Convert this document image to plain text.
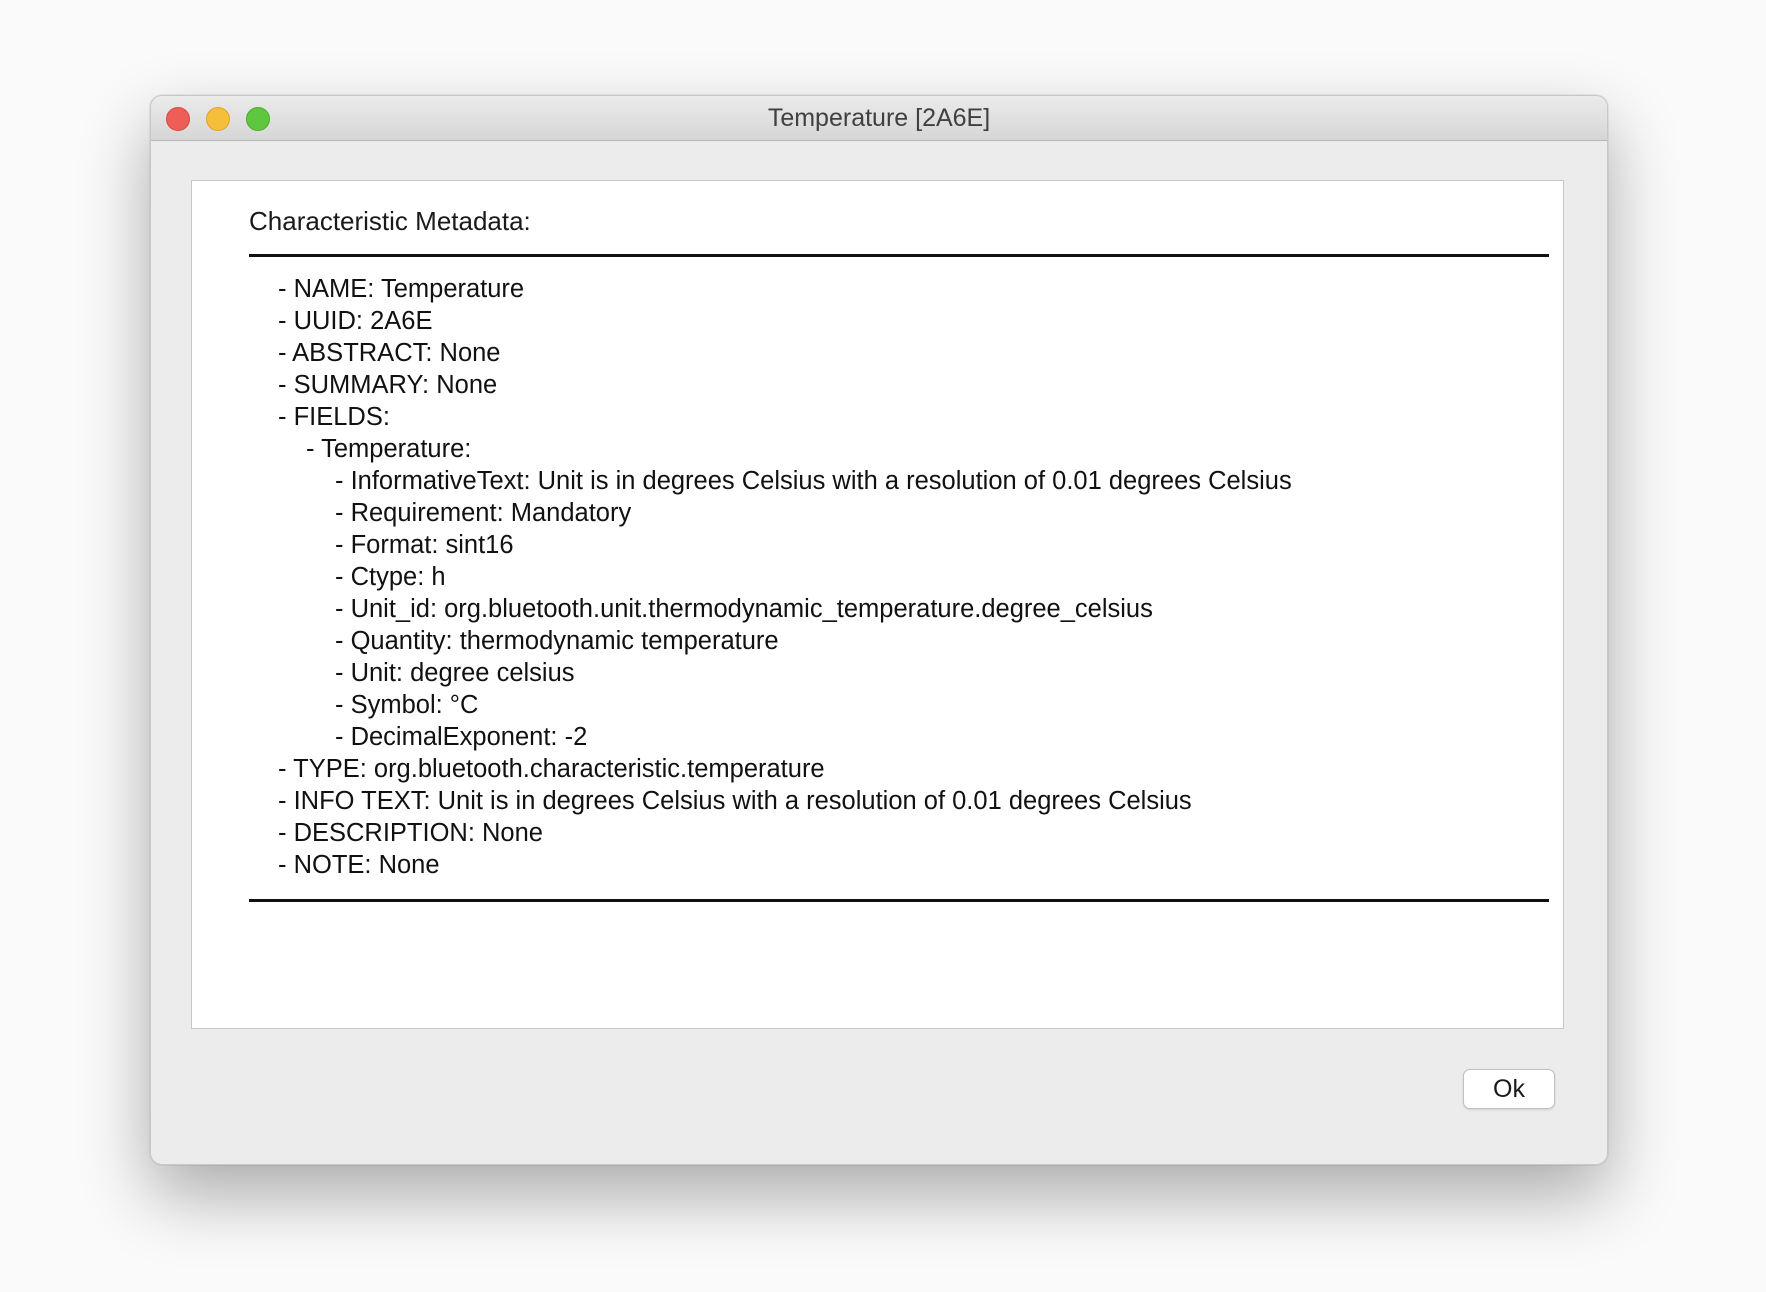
Temperature [2A6E]
Characteristic Metadata:
- NAME: Temperature
- UUID: 2A6E
- ABSTRACT: None
- SUMMARY: None
- FIELDS:
- Temperature:
- InformativeText: Unit is in degrees Celsius with a resolution of 0.01 degrees Celsius
- Requirement: Mandatory
- Format: sint16
- Ctype: h
- Unit_id: org.bluetooth.unit.thermodynamic_temperature.degree_celsius
- Quantity: thermodynamic temperature
- Unit: degree celsius
- Symbol: °C
- DecimalExponent: -2
- TYPE: org.bluetooth.characteristic.temperature
- INFO TEXT: Unit is in degrees Celsius with a resolution of 0.01 degrees Celsius
- DESCRIPTION: None
- NOTE: None
Ok
